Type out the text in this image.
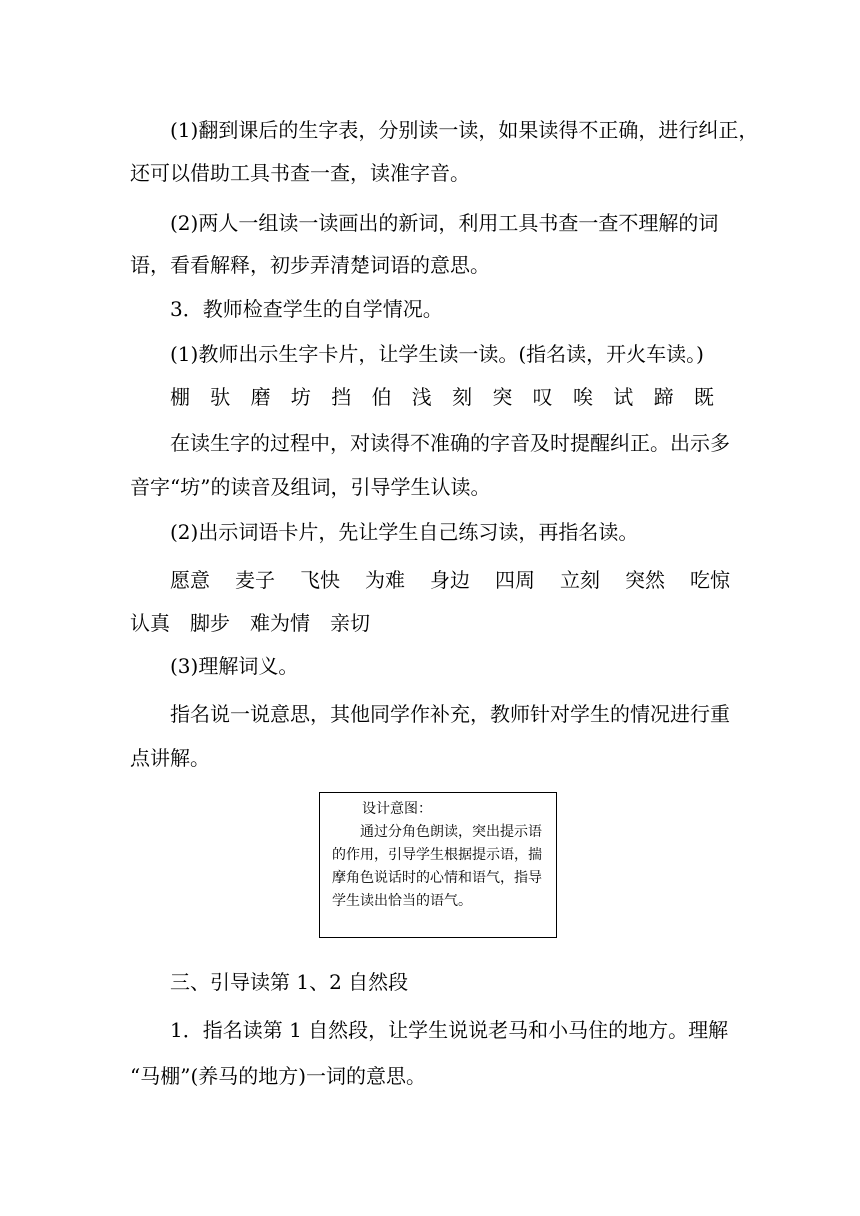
(1)翻到课后的生字表，分别读一读，如果读得不正确，进行纠正，
还可以借助工具书查一查，读准字音。
(2)两人一组读一读画出的新词，利用工具书查一查不理解的词
语，看看解释，初步弄清楚词语的意思。
3．教师检查学生的自学情况。
(1)教师出示生字卡片，让学生读一读。(指名读，开火车读。)
棚 驮 磨 坊 挡 伯 浅 刻 突 叹 唉 试 蹄 既
在读生字的过程中，对读得不准确的字音及时提醒纠正。出示多
音字“坊”的读音及组词，引导学生认读。
(2)出示词语卡片，先让学生自己练习读，再指名读。
愿意 麦子 飞快 为难 身边 四周 立刻 突然 吃惊
认真 脚步 难为情 亲切
(3)理解词义。
指名说一说意思，其他同学作补充，教师针对学生的情况进行重
点讲解。
设计意图：
通过分角色朗读，突出提示语的作用，引导学生根据提示语，揣摩角色说话时的心情和语气，指导学生读出恰当的语气。
三、引导读第 1、2 自然段
1．指名读第 1 自然段，让学生说说老马和小马住的地方。理解
“马棚”(养马的地方)一词的意思。
